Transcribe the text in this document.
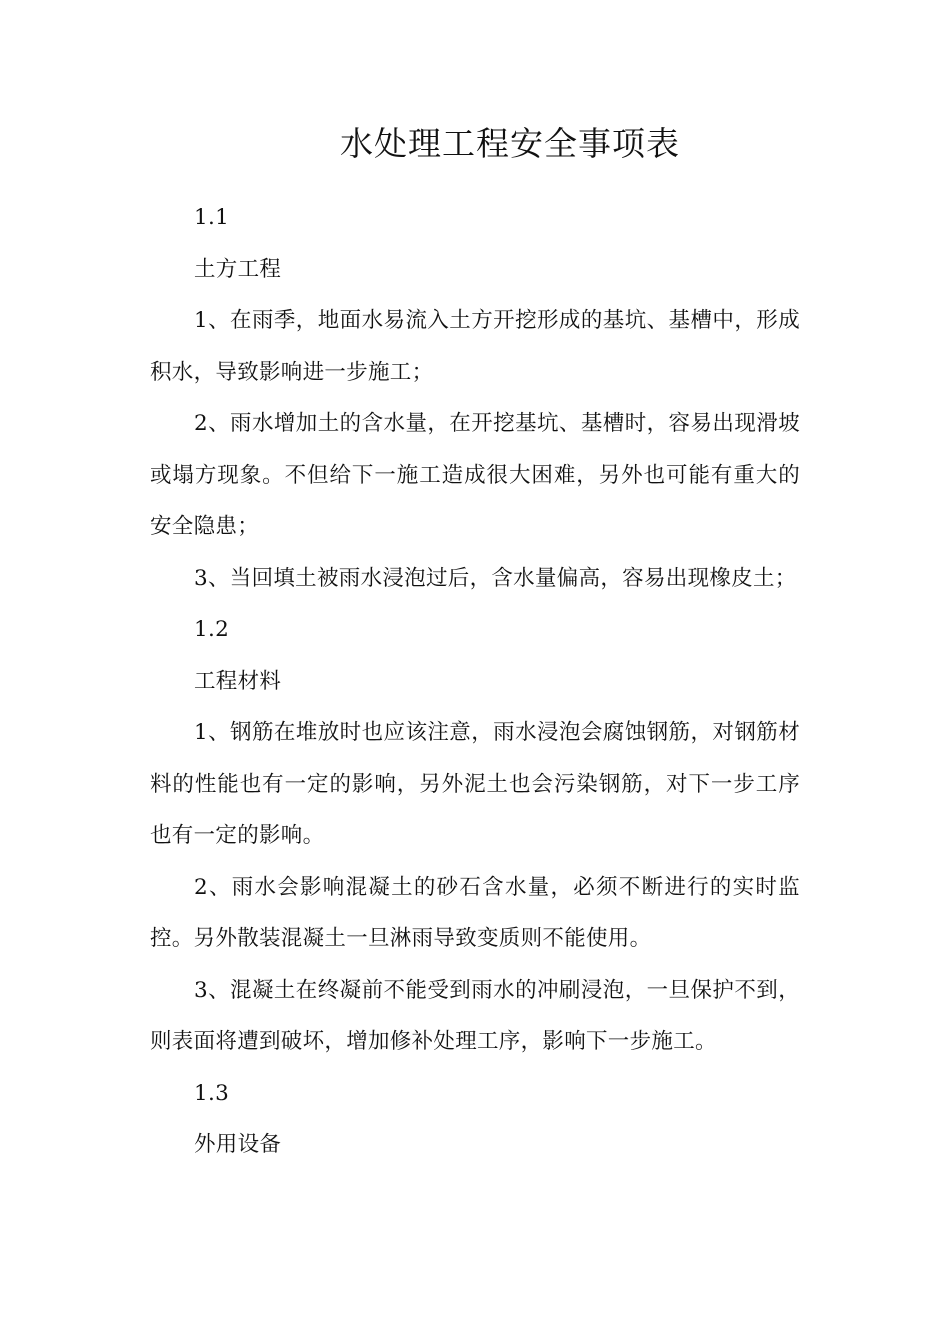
水处理工程安全事项表

1.1

土方工程

1、在雨季，地面水易流入土方开挖形成的基坑、基槽中，形成积水，导致影响进一步施工；

2、雨水增加土的含水量，在开挖基坑、基槽时，容易出现滑坡或塌方现象。不但给下一施工造成很大困难，另外也可能有重大的安全隐患；

3、当回填土被雨水浸泡过后，含水量偏高，容易出现橡皮土；

1.2

工程材料

1、钢筋在堆放时也应该注意，雨水浸泡会腐蚀钢筋，对钢筋材料的性能也有一定的影响，另外泥土也会污染钢筋，对下一步工序也有一定的影响。

2、雨水会影响混凝土的砂石含水量，必须不断进行的实时监控。另外散装混凝土一旦淋雨导致变质则不能使用。

3、混凝土在终凝前不能受到雨水的冲刷浸泡，一旦保护不到，则表面将遭到破坏，增加修补处理工序，影响下一步施工。

1.3

外用设备
